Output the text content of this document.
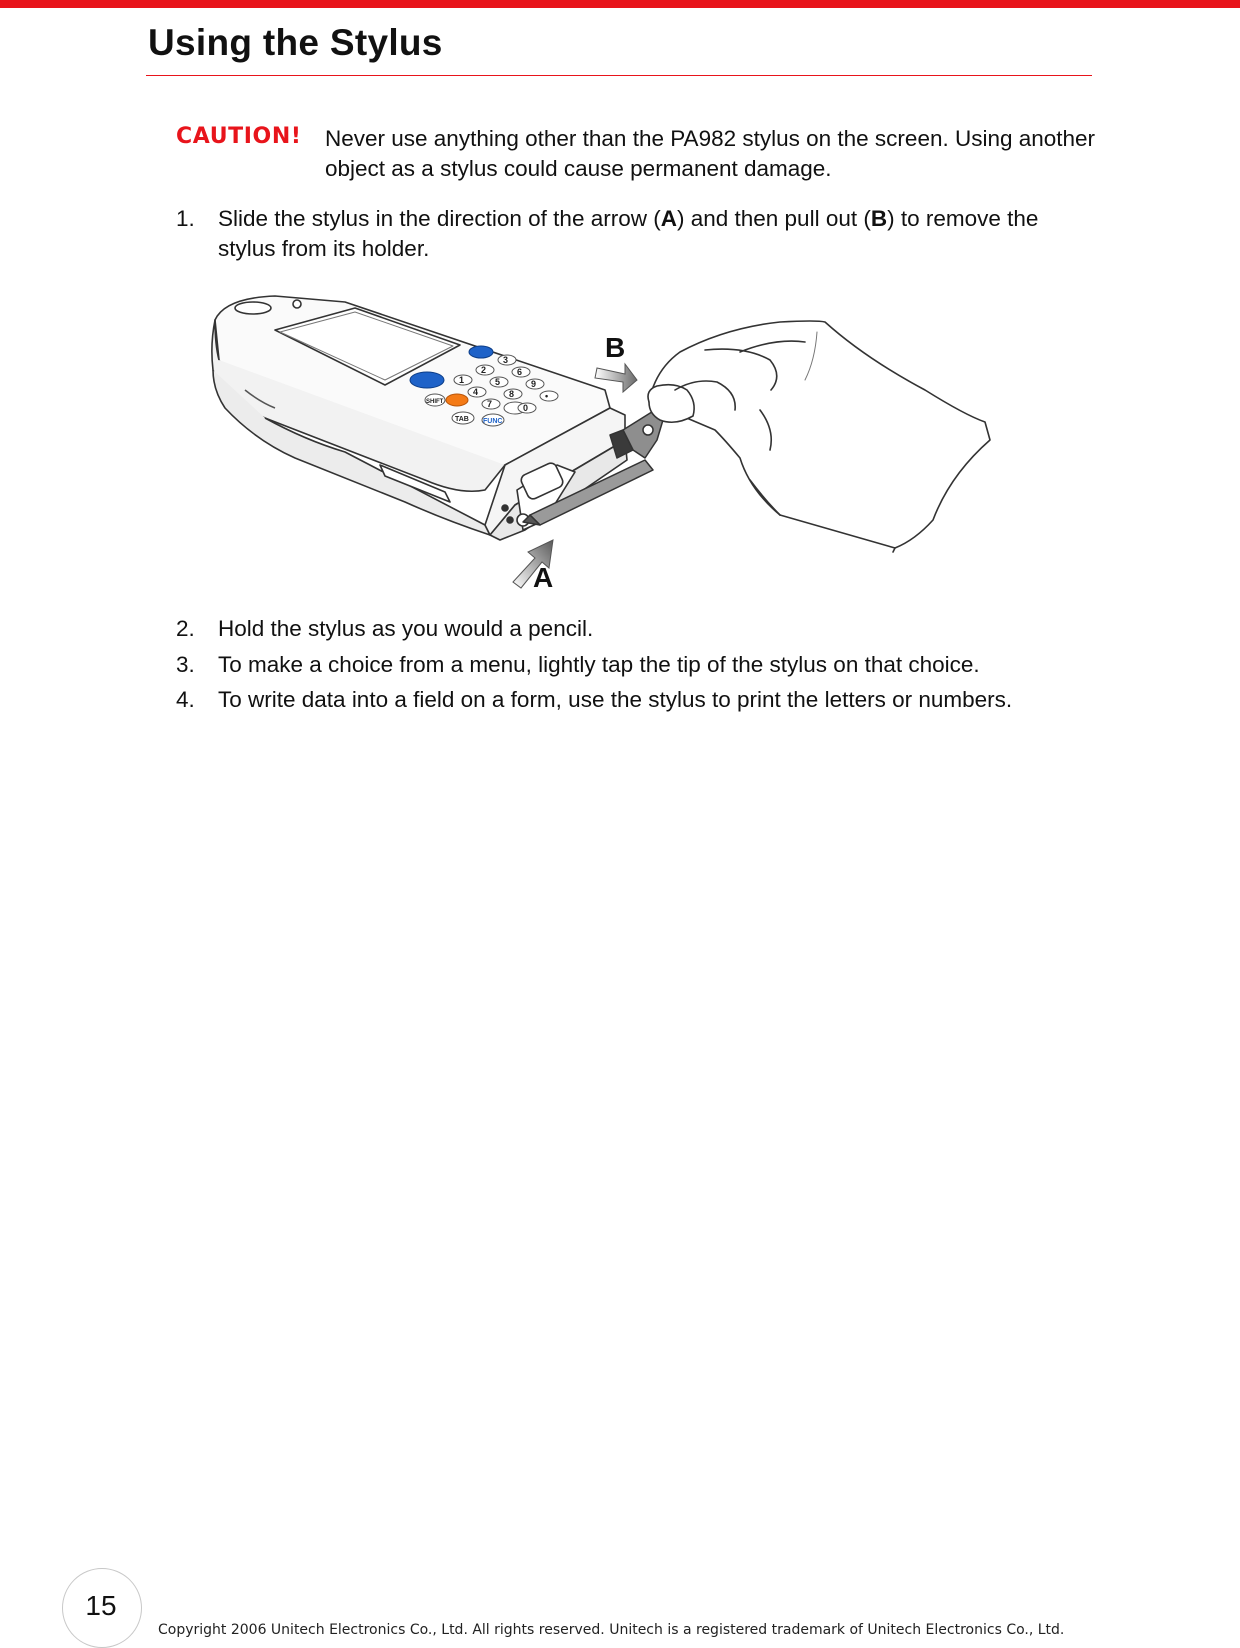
Using the Stylus
CAUTION! Never use anything other than the PA982 stylus on the screen. Using another object as a stylus could cause permanent damage.
1. Slide the stylus in the direction of the arrow (A) and then pull out (B) to remove the stylus from its holder.
1
2
3
4
5
6
7
8
9
0
•
TAB FUNC
SHIFT
B
A
2. Hold the stylus as you would a pencil.
3. To make a choice from a menu, lightly tap the tip of the stylus on that choice.
4. To write data into a field on a form, use the stylus to print the letters or numbers.
15
Copyright 2006 Unitech Electronics Co., Ltd. All rights reserved. Unitech is a registered trademark of Unitech Electronics Co., Ltd.
